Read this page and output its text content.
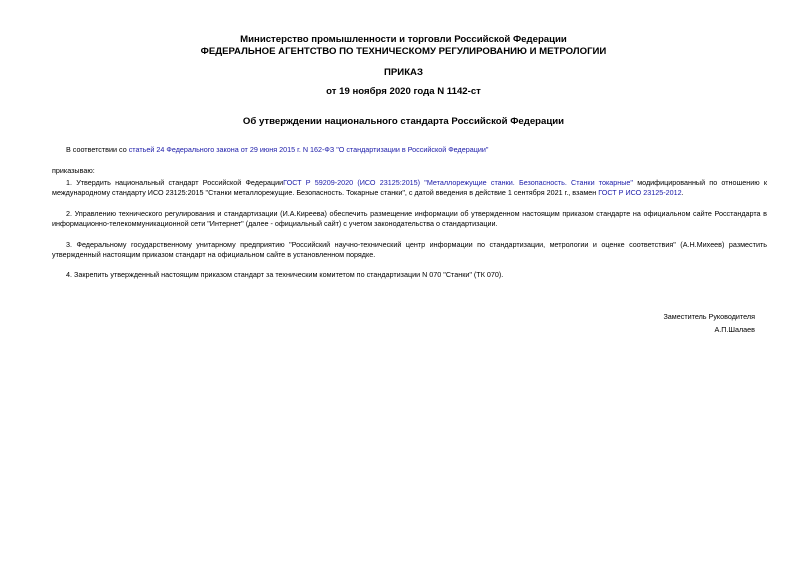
Министерство промышленности и торговли Российской Федерации
ФЕДЕРАЛЬНОЕ АГЕНТСТВО ПО ТЕХНИЧЕСКОМУ РЕГУЛИРОВАНИЮ И МЕТРОЛОГИИ
ПРИКАЗ
от 19 ноября 2020 года N 1142-ст
Об утверждении национального стандарта Российской Федерации
В соответствии со статьей 24 Федерального закона от 29 июня 2015 г. N 162-ФЗ "О стандартизации в Российской Федерации"
приказываю:
1. Утвердить национальный стандарт Российской ФедерацииГОСТ Р 59209-2020 (ИСО 23125:2015) "Металлорежущие станки. Безопасность. Станки токарные" модифицированный по отношению к международному стандарту ИСО 23125:2015 "Станки металлорежущие. Безопасность. Токарные станки", с датой введения в действие 1 сентября 2021 г., взамен ГОСТ Р ИСО 23125-2012.
2. Управлению технического регулирования и стандартизации (И.А.Киреева) обеспечить размещение информации об утвержденном настоящим приказом стандарте на официальном сайте Росстандарта в информационно-телекоммуникационной сети "Интернет" (далее - официальный сайт) с учетом законодательства о стандартизации.
3. Федеральному государственному унитарному предприятию "Российский научно-технический центр информации по стандартизации, метрологии и оценке соответствия" (А.Н.Михеев) разместить утвержденный настоящим приказом стандарт на официальном сайте в установленном порядке.
4. Закрепить утвержденный настоящим приказом стандарт за техническим комитетом по стандартизации N 070 "Станки" (ТК 070).
Заместитель Руководителя
А.П.Шалаев
